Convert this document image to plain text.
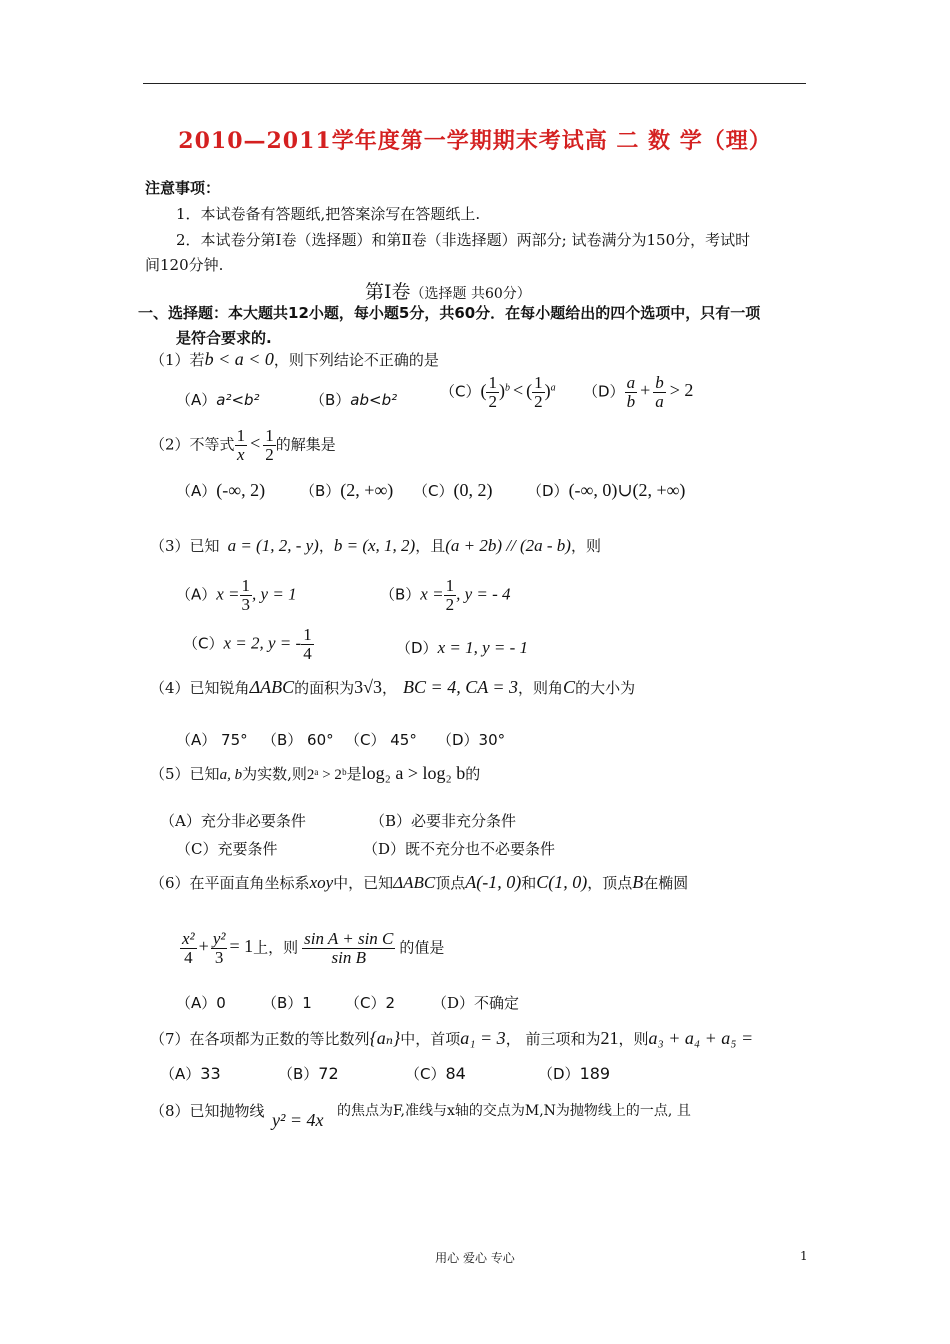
2010—2011学年度第一学期期末考试高 二 数 学（理）
注意事项：
1．本试卷备有答题纸,把答案涂写在答题纸上.
2．本试卷分第Ⅰ卷（选择题）和第Ⅱ卷（非选择题）两部分; 试卷满分为150分，考试时
间120分钟.
第Ⅰ卷（选择题 共60分）
一、选择题：本大题共12小题，每小题5分，共60分．在每小题给出的四个选项中，只有一项
是符合要求的.
（1）若b < a < 0，则下列结论不正确的是
（A）a²<b²	（B）ab<b²	$(C)( \frac{1}{2} )^b$ < ( $\frac{1}{2} )^a$ $(D) \frac{a}{b} + \frac{b}{a} > 2$
（2）不等式 $\frac{1}{x} < \frac{1}{2}$ 的解集是
（A）(-∞, 2) （B）(2, +∞) （C）(0, 2) （D）(-∞, 0)∪(2, +∞)
（3）已知 a = (1, 2, - y)，b = (x, 1, 2)，且(a + 2b) // (2a - b)，则
$(A)x = \frac{1}{3}$ , y = 1	$(B)x = \frac{1}{2}$ , y = - 4
（C）x = 2, y = - $\frac{1}{4}$	（D）x = 1, y = - 1
（4）已知锐角ΔABC的面积为3√3， BC = 4, CA = 3，则角C的大小为
（A） 75° （B） 60° （C） 45° （D）30°
（5）已知a, b为实数,则2ᵃ > 2ᵇ是log₂ a > log₂ b的
（A）充分非必要条件	（B）必要非充分条件
（C）充要条件	（D）既不充分也不必要条件
（6）在平面直角坐标系xoy中，已知ΔABC顶点A(-1, 0)和C(1, 0)，顶点B在椭圆
$\frac{\text{x²}}{4} + \frac{\text{y²}}{3} = 1$上，则 $\frac{\text{sin A + sin C}}{\text{sin B}}$ 的值是
（A）0 （B）1 （C）2 （D）不确定
（7）在各项都为正数的等比数列{aₙ}中，首项a₁ = 3， 前三项和为21，则a₃ + a₄ + a₅ =
（A）33	（B）72	（C）84	（D）189
（8）已知抛物线 y² = 4x 的焦点为F,准线与x轴的交点为M,N为抛物线上的一点, 且
用心 爱心 专心	1
